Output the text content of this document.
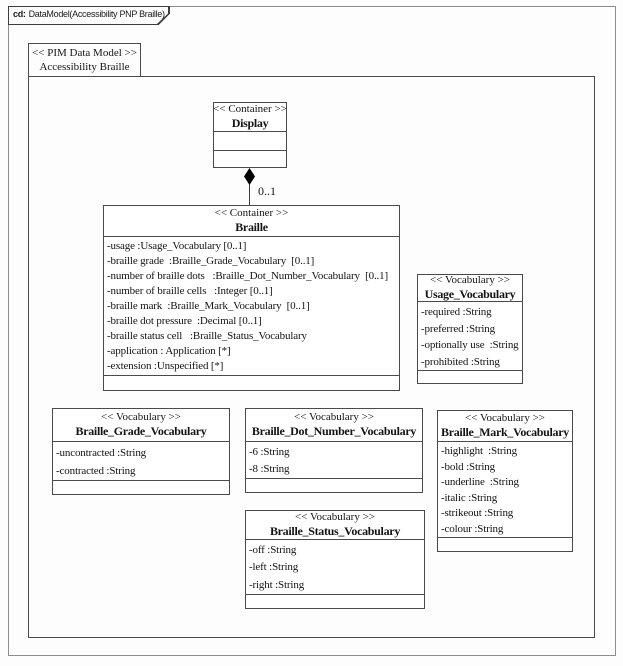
cd: DataModel(Accessibility PNP Braille)
<< PIM Data Model >>
Accessibility Braille
0..1
<< Container >>
Display
<< Container >>
Braille
-usage :Usage_Vocabulary [0..1]
-braille grade  :Braille_Grade_Vocabulary  [0..1]
-number of braille dots   :Braille_Dot_Number_Vocabulary  [0..1]
-number of braille cells   :Integer [0..1]
-braille mark  :Braille_Mark_Vocabulary  [0..1]
-braille dot pressure  :Decimal [0..1]
-braille status cell   :Braille_Status_Vocabulary
-application : Application [*]
-extension :Unspecified [*]
<< Vocabulary >>
Usage_Vocabulary
-required :String
-preferred :String
-optionally use  :String
-prohibited :String
<< Vocabulary >>
Braille_Grade_Vocabulary
-uncontracted :String
-contracted :String
<< Vocabulary >>
Braille_Dot_Number_Vocabulary
-6 :String
-8 :String
<< Vocabulary >>
Braille_Mark_Vocabulary
-highlight  :String
-bold :String
-underline  :String
-italic :String
-strikeout :String
-colour :String
<< Vocabulary >>
Braille_Status_Vocabulary
-off :String
-left :String
-right :String
